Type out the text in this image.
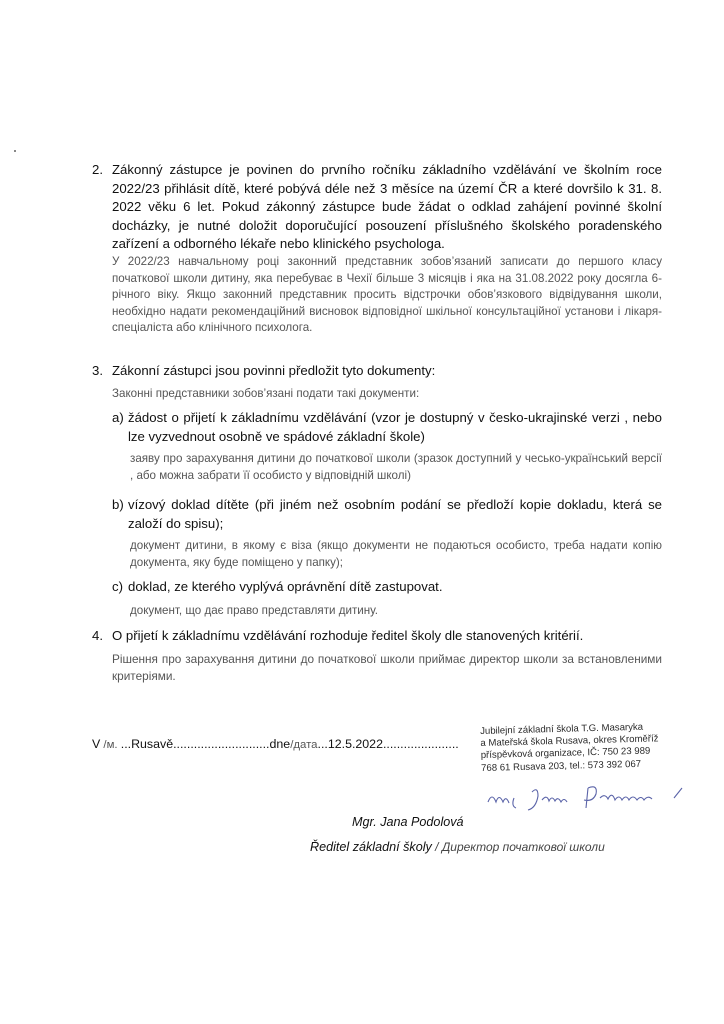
2. Zákonný zástupce je povinen do prvního ročníku základního vzdělávání ve školním roce 2022/23 přihlásit dítě, které pobývá déle než 3 měsíce na území ČR a které dovršilo k 31. 8. 2022 věku 6 let. Pokud zákonný zástupce bude žádat o odklad zahájení povinné školní docházky, je nutné doložit doporučující posouzení příslušného školského poradenského zařízení a odborného lékaře nebo klinického psychologa.
У 2022/23 навчальному році законний представник зобов’язаний записати до першого класу початкової школи дитину, яка перебуває в Чехії більше 3 місяців і яка на 31.08.2022 року досягла 6-річного віку. Якщо законний представник просить відстрочки обов’язкового відвідування школи, необхідно надати рекомендаційний висновок відповідної шкільної консультаційної установи і лікаря-спеціаліста або клінічного психолога.
3. Zákonní zástupci jsou povinni předložit tyto dokumenty:
Законні представники зобов’язані подати такі документи:
a) žádost o přijetí k základnímu vzdělávání (vzor je dostupný v česko-ukrajinské verzi , nebo lze vyzvednout osobně ve spádové základní škole)
заяву про зарахування дитини до початкової школи (зразок доступний у чесько-український версії , або можна забрати її особисто у відповідній школі)
b) vízový doklad dítěte (při jiném než osobním podání se předloží kopie dokladu, která se založí do spisu);
документ дитини, в якому є віза (якщо документи не подаються особисто, треба надати копію документа, яку буде поміщено у папку);
c) doklad, ze kterého vyplývá oprávnění dítě zastupovat.
документ, що дає право представляти дитину.
4. O přijetí k základnímu vzdělávání rozhoduje ředitel školy dle stanovených kritérií.
Рішення про зарахування дитини до початкової школи приймає директор школи за встановленими критеріями.
V /м. ...Rusavě............................dne/дата...12.5.2022......................
Jubilejní základní škola T.G. Masaryka
a Mateřská škola Rusava, okres Kroměříž
příspěvková organizace, IČ: 750 23 989
768 61 Rusava 203, tel.: 573 392 067
Mgr. Jana Podolová
Ředitel základní školy / Директор початкової школи
